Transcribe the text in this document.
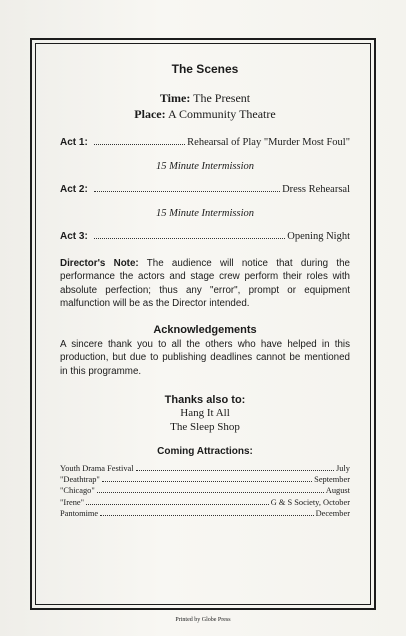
The Scenes
Time: The Present
Place: A Community Theatre
Act 1:	Rehearsal of Play "Murder Most Foul"
15 Minute Intermission
Act 2:	Dress Rehearsal
15 Minute Intermission
Act 3:	Opening Night
Director's Note: The audience will notice that during the performance the actors and stage crew perform their roles with absolute perfection; thus any "error", prompt or equipment malfunction will be as the Director intended.
Acknowledgements
A sincere thank you to all the others who have helped in this production, but due to publishing deadlines cannot be mentioned in this programme.
Thanks also to:
Hang It All
The Sleep Shop
Coming Attractions:
Youth Drama Festival	July
"Deathtrap"	September
"Chicago"	August
"Irene"	G & S Society, October
Pantomime	December
Printed by Globe Press
